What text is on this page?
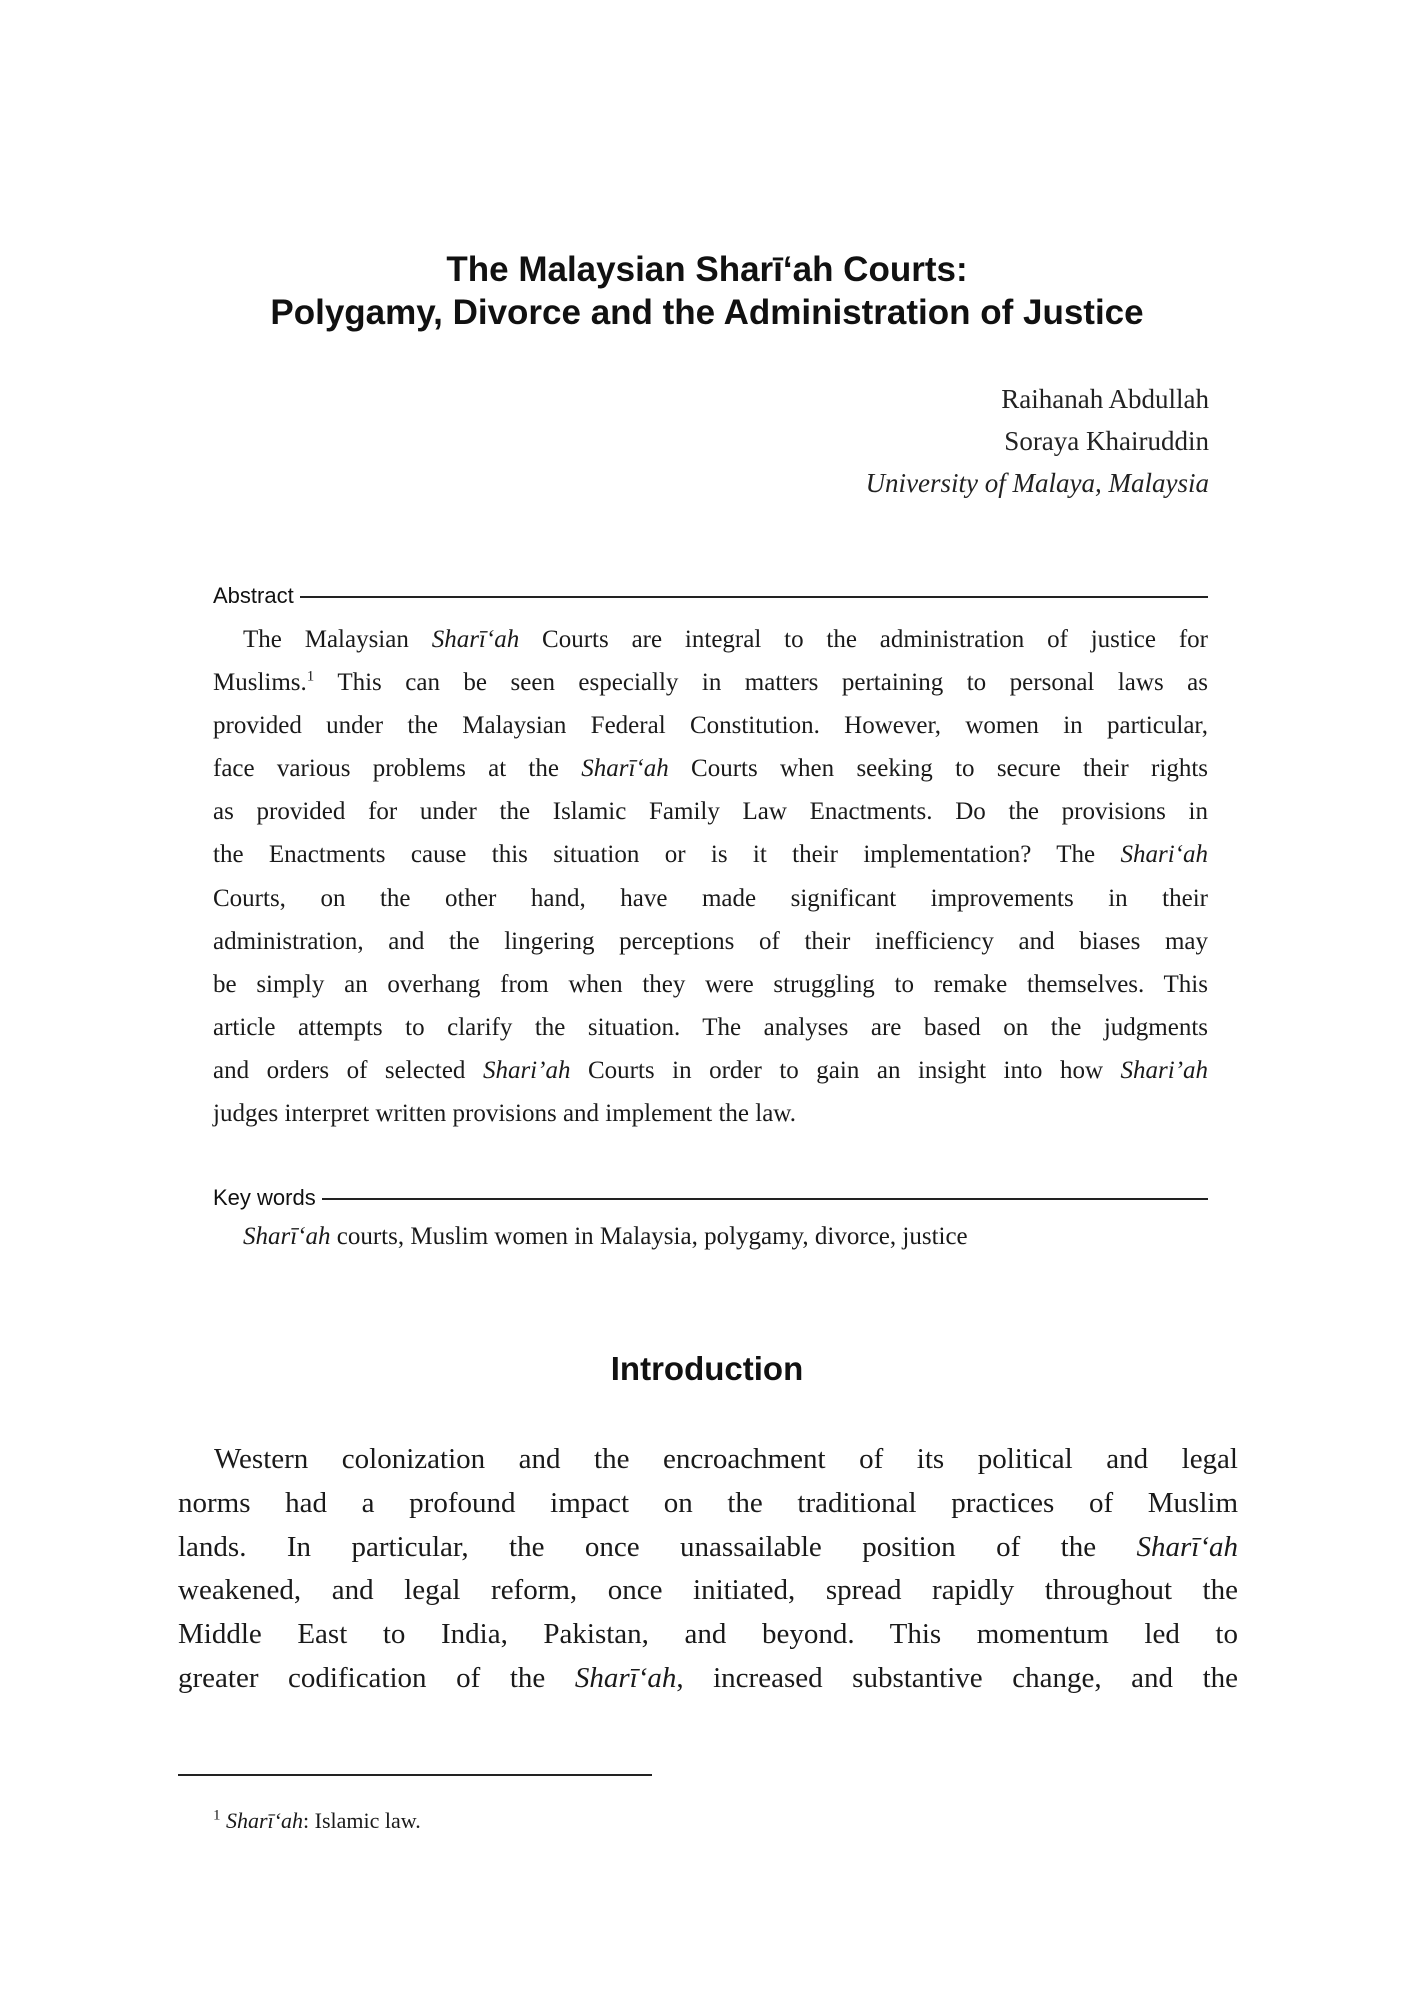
The Malaysian Sharī‘ah Courts:
Polygamy, Divorce and the Administration of Justice
Raihanah Abdullah
Soraya Khairuddin
University of Malaya, Malaysia
Abstract
The Malaysian Sharī‘ah Courts are integral to the administration of justice for
Muslims.$^1$ This can be seen especially in matters pertaining to personal laws as
provided under the Malaysian Federal Constitution. However, women in particular,
face various problems at the Sharī‘ah Courts when seeking to secure their rights
as provided for under the Islamic Family Law Enactments. Do the provisions in
the Enactments cause this situation or is it their implementation? The Shari‘ah
Courts, on the other hand, have made significant improvements in their
administration, and the lingering perceptions of their inefficiency and biases may
be simply an overhang from when they were struggling to remake themselves. This
article attempts to clarify the situation. The analyses are based on the judgments
and orders of selected Shari’ah Courts in order to gain an insight into how Shari’ah
judges interpret written provisions and implement the law.
Key words
Sharī‘ah courts, Muslim women in Malaysia, polygamy, divorce, justice
Introduction
Western colonization and the encroachment of its political and legal
norms had a profound impact on the traditional practices of Muslim
lands. In particular, the once unassailable position of the Sharī‘ah
weakened, and legal reform, once initiated, spread rapidly throughout the
Middle East to India, Pakistan, and beyond. This momentum led to
greater codification of the Sharī‘ah, increased substantive change, and the
$^1$ Sharī‘ah: Islamic law.
